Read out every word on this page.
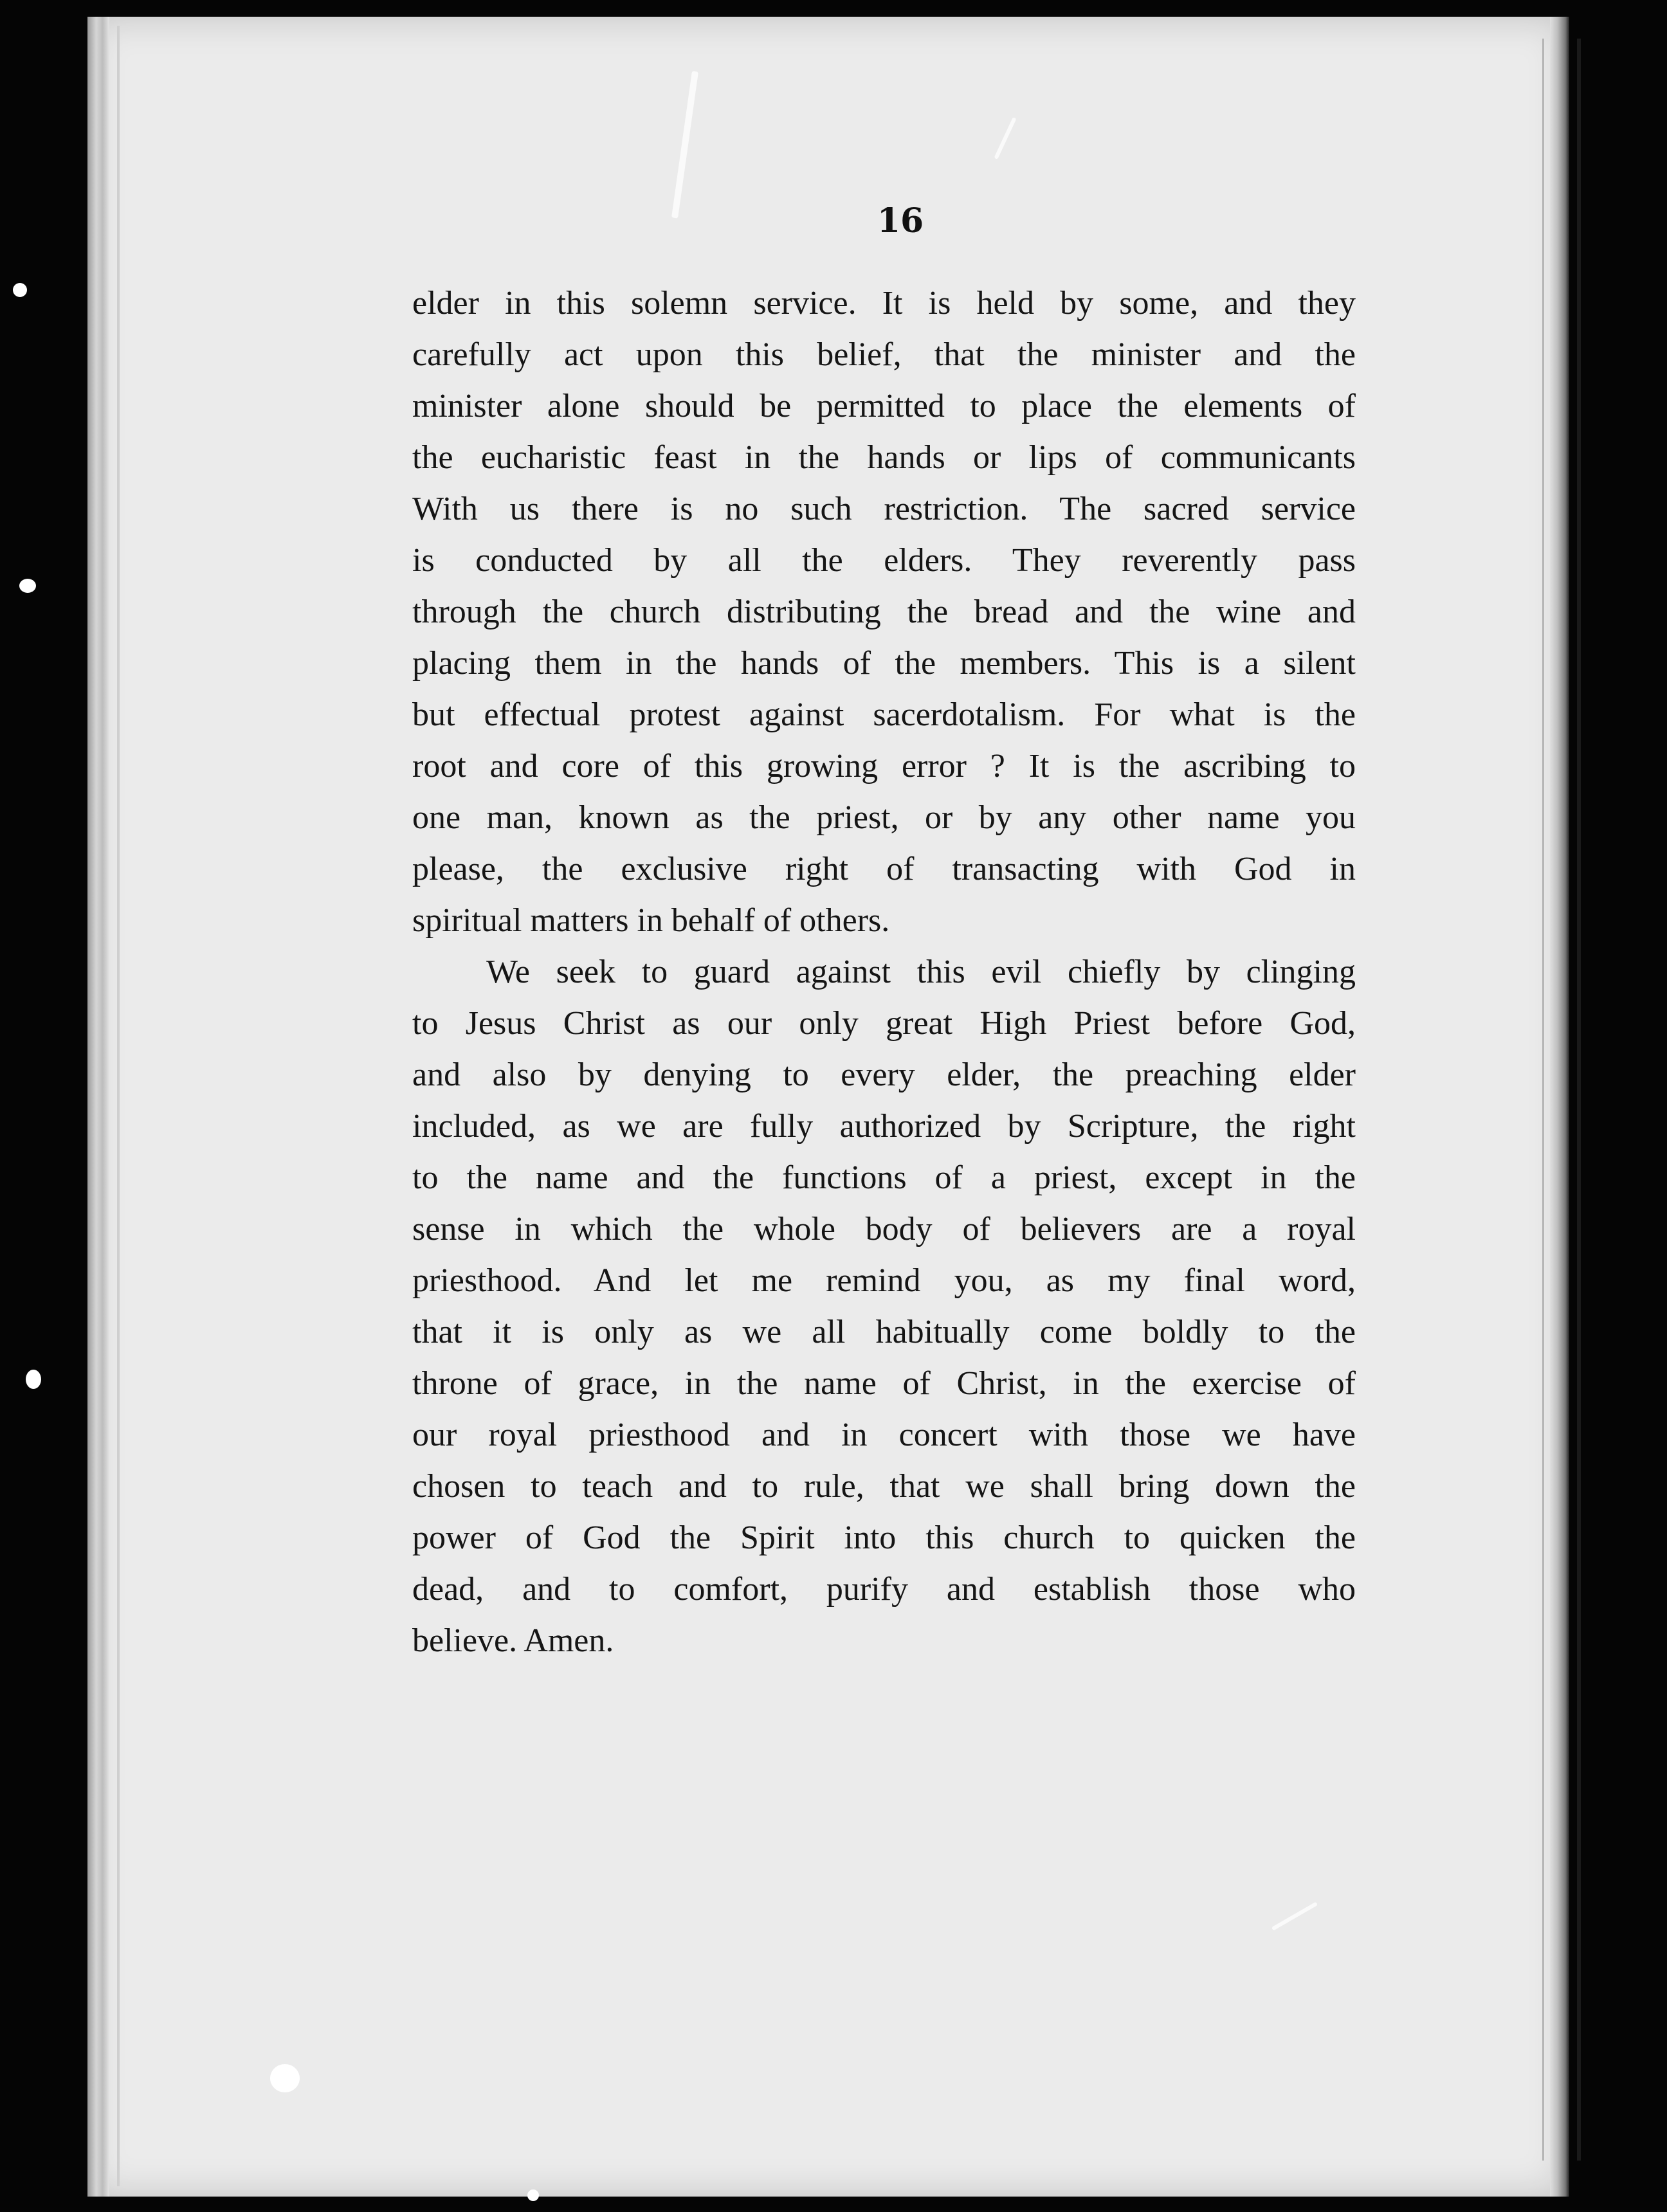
16
elder in this solemn service. It is held by some, and they
carefully act upon this belief, that the minister and the
minister alone should be permitted to place the elements of
the eucharistic feast in the hands or lips of communicants
With us there is no such restriction. The sacred service
is conducted by all the elders. They reverently pass
through the church distributing the bread and the wine and
placing them in the hands of the members. This is a silent
but effectual protest against sacerdotalism. For what is the
root and core of this growing error ? It is the ascribing to
one man, known as the priest, or by any other name you
please, the exclusive right of transacting with God in
spiritual matters in behalf of others.
We seek to guard against this evil chiefly by clinging
to Jesus Christ as our only great High Priest before God,
and also by denying to every elder, the preaching elder
included, as we are fully authorized by Scripture, the right
to the name and the functions of a priest, except in the
sense in which the whole body of believers are a royal
priesthood. And let me remind you, as my final word,
that it is only as we all habitually come boldly to the
throne of grace, in the name of Christ, in the exercise of
our royal priesthood and in concert with those we have
chosen to teach and to rule, that we shall bring down the
power of God the Spirit into this church to quicken the
dead, and to comfort, purify and establish those who
believe. Amen.
